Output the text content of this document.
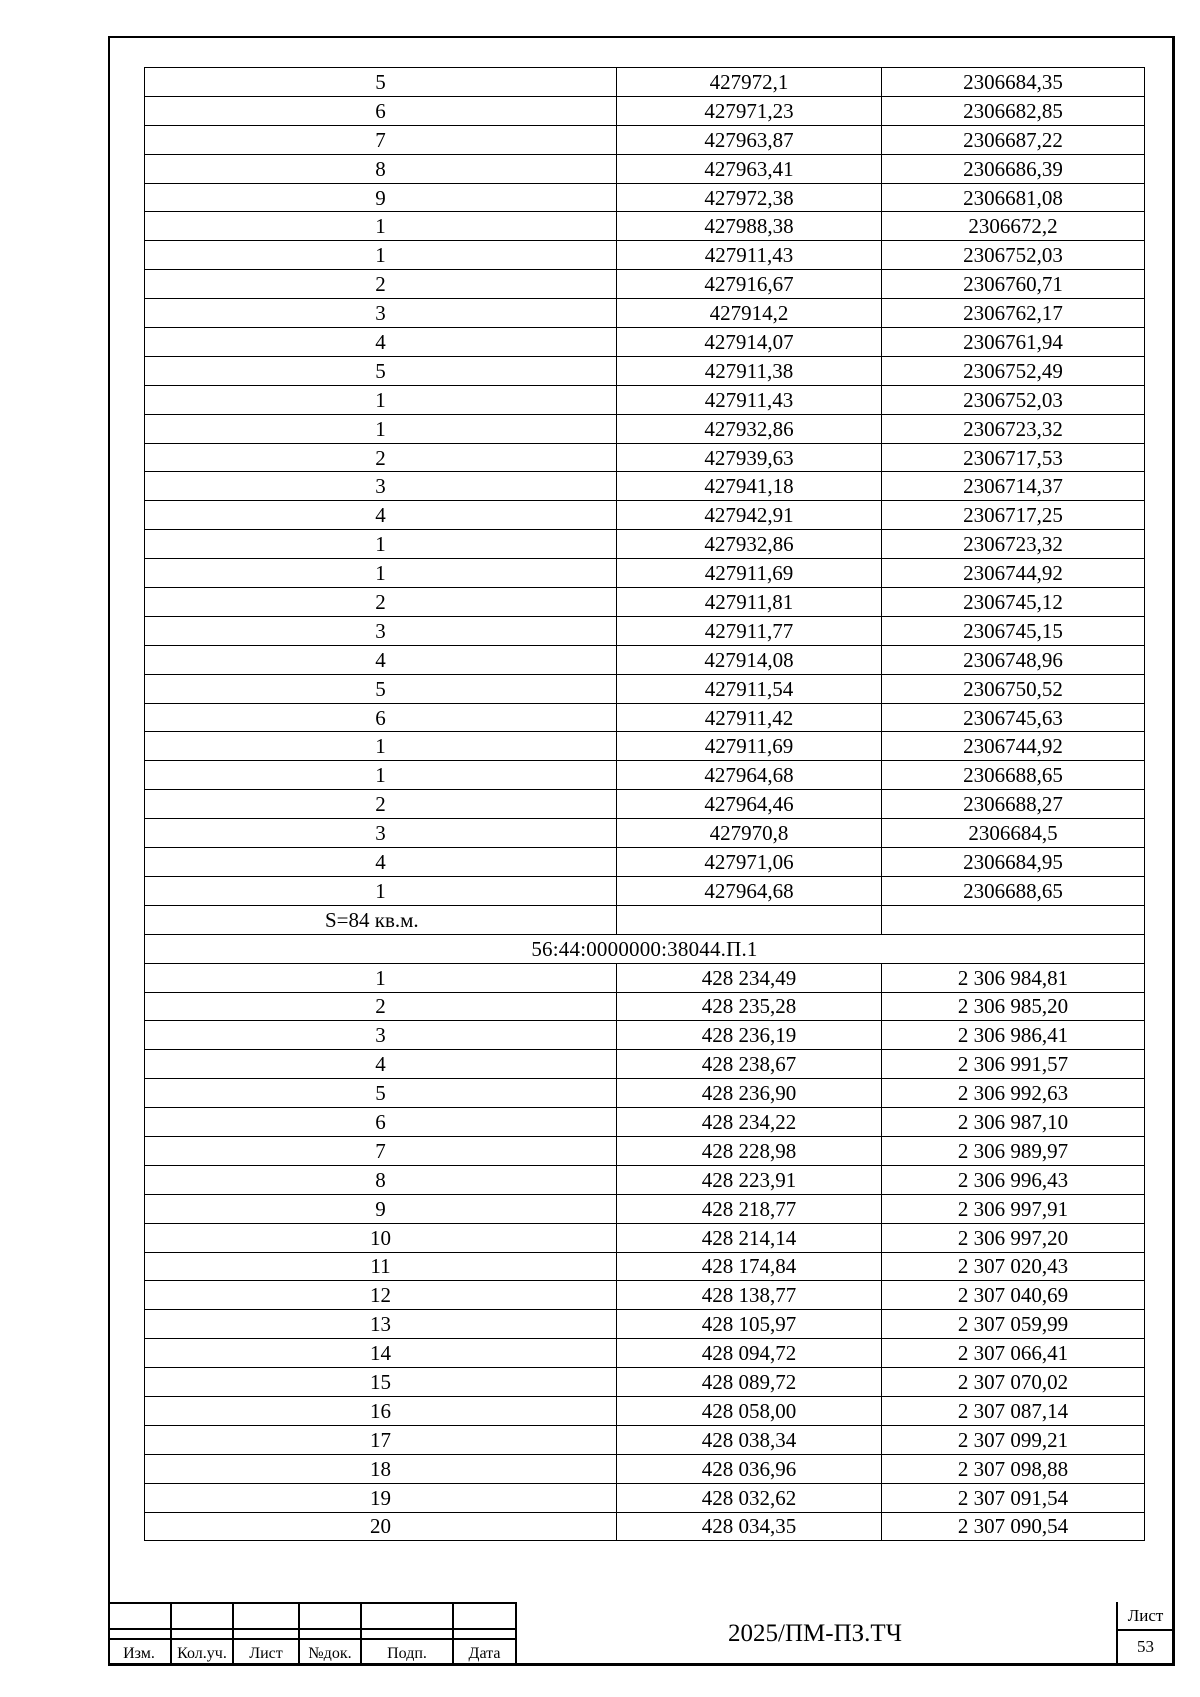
5	427972,1	2306684,35
6	427971,23	2306682,85
7	427963,87	2306687,22
8	427963,41	2306686,39
9	427972,38	2306681,08
1	427988,38	2306672,2
1	427911,43	2306752,03
2	427916,67	2306760,71
3	427914,2	2306762,17
4	427914,07	2306761,94
5	427911,38	2306752,49
1	427911,43	2306752,03
1	427932,86	2306723,32
2	427939,63	2306717,53
3	427941,18	2306714,37
4	427942,91	2306717,25
1	427932,86	2306723,32
1	427911,69	2306744,92
2	427911,81	2306745,12
3	427911,77	2306745,15
4	427914,08	2306748,96
5	427911,54	2306750,52
6	427911,42	2306745,63
1	427911,69	2306744,92
1	427964,68	2306688,65
2	427964,46	2306688,27
3	427970,8	2306684,5
4	427971,06	2306684,95
1	427964,68	2306688,65
S=84 кв.м.		
56:44:0000000:38044.П.1		
1	428 234,49	2 306 984,81
2	428 235,28	2 306 985,20
3	428 236,19	2 306 986,41
4	428 238,67	2 306 991,57
5	428 236,90	2 306 992,63
6	428 234,22	2 306 987,10
7	428 228,98	2 306 989,97
8	428 223,91	2 306 996,43
9	428 218,77	2 306 997,91
10	428 214,14	2 306 997,20
11	428 174,84	2 307 020,43
12	428 138,77	2 307 040,69
13	428 105,97	2 307 059,99
14	428 094,72	2 307 066,41
15	428 089,72	2 307 070,02
16	428 058,00	2 307 087,14
17	428 038,34	2 307 099,21
18	428 036,96	2 307 098,88
19	428 032,62	2 307 091,54
20	428 034,35	2 307 090,54
Изм.	Кол.уч.	Лист	№док.	Подп.	Дата
2025/ПМ-ПЗ.ТЧ
Лист
53
